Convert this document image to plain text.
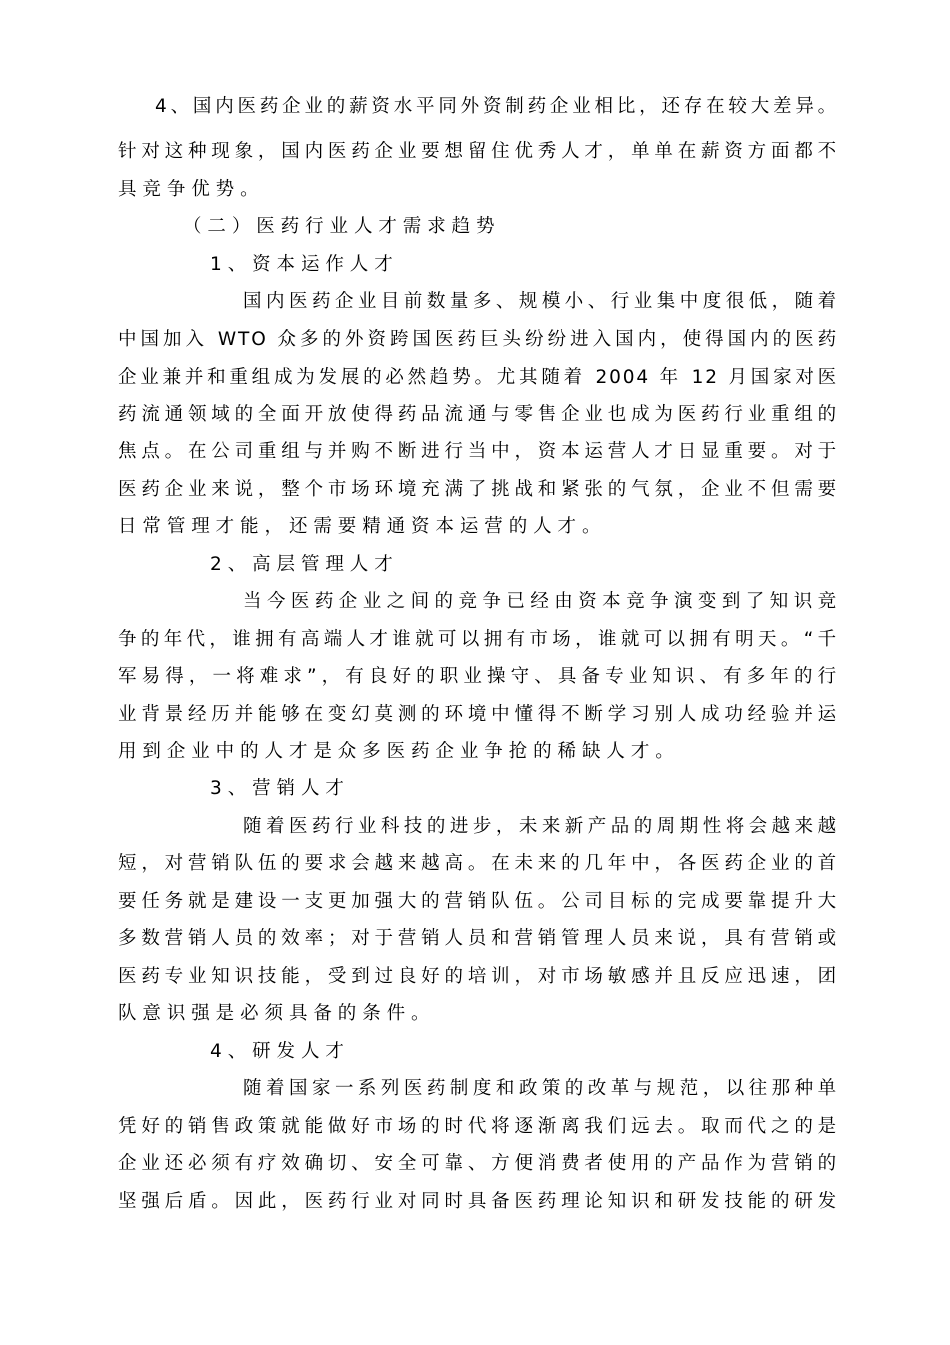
4、国内医药企业的薪资水平同外资制药企业相比，还存在较大差异。
针对这种现象，国内医药企业要想留住优秀人才，单单在薪资方面都不
具竞争优势。
（二）医药行业人才需求趋势
1、资本运作人才
国内医药企业目前数量多、规模小、行业集中度很低，随着
中国加入 WTO 众多的外资跨国医药巨头纷纷进入国内，使得国内的医药
企业兼并和重组成为发展的必然趋势。尤其随着 2004 年 12 月国家对医
药流通领域的全面开放使得药品流通与零售企业也成为医药行业重组的
焦点。在公司重组与并购不断进行当中，资本运营人才日显重要。对于
医药企业来说，整个市场环境充满了挑战和紧张的气氛，企业不但需要
日常管理才能，还需要精通资本运营的人才。
2、高层管理人才
当今医药企业之间的竞争已经由资本竞争演变到了知识竞
争的年代，谁拥有高端人才谁就可以拥有市场，谁就可以拥有明天。“千
军易得，一将难求”，有良好的职业操守、具备专业知识、有多年的行
业背景经历并能够在变幻莫测的环境中懂得不断学习别人成功经验并运
用到企业中的人才是众多医药企业争抢的稀缺人才。
3、营销人才
随着医药行业科技的进步，未来新产品的周期性将会越来越
短，对营销队伍的要求会越来越高。在未来的几年中，各医药企业的首
要任务就是建设一支更加强大的营销队伍。公司目标的完成要靠提升大
多数营销人员的效率；对于营销人员和营销管理人员来说，具有营销或
医药专业知识技能，受到过良好的培训，对市场敏感并且反应迅速，团
队意识强是必须具备的条件。
4、研发人才
随着国家一系列医药制度和政策的改革与规范，以往那种单
凭好的销售政策就能做好市场的时代将逐渐离我们远去。取而代之的是
企业还必须有疗效确切、安全可靠、方便消费者使用的产品作为营销的
坚强后盾。因此，医药行业对同时具备医药理论知识和研发技能的研发
